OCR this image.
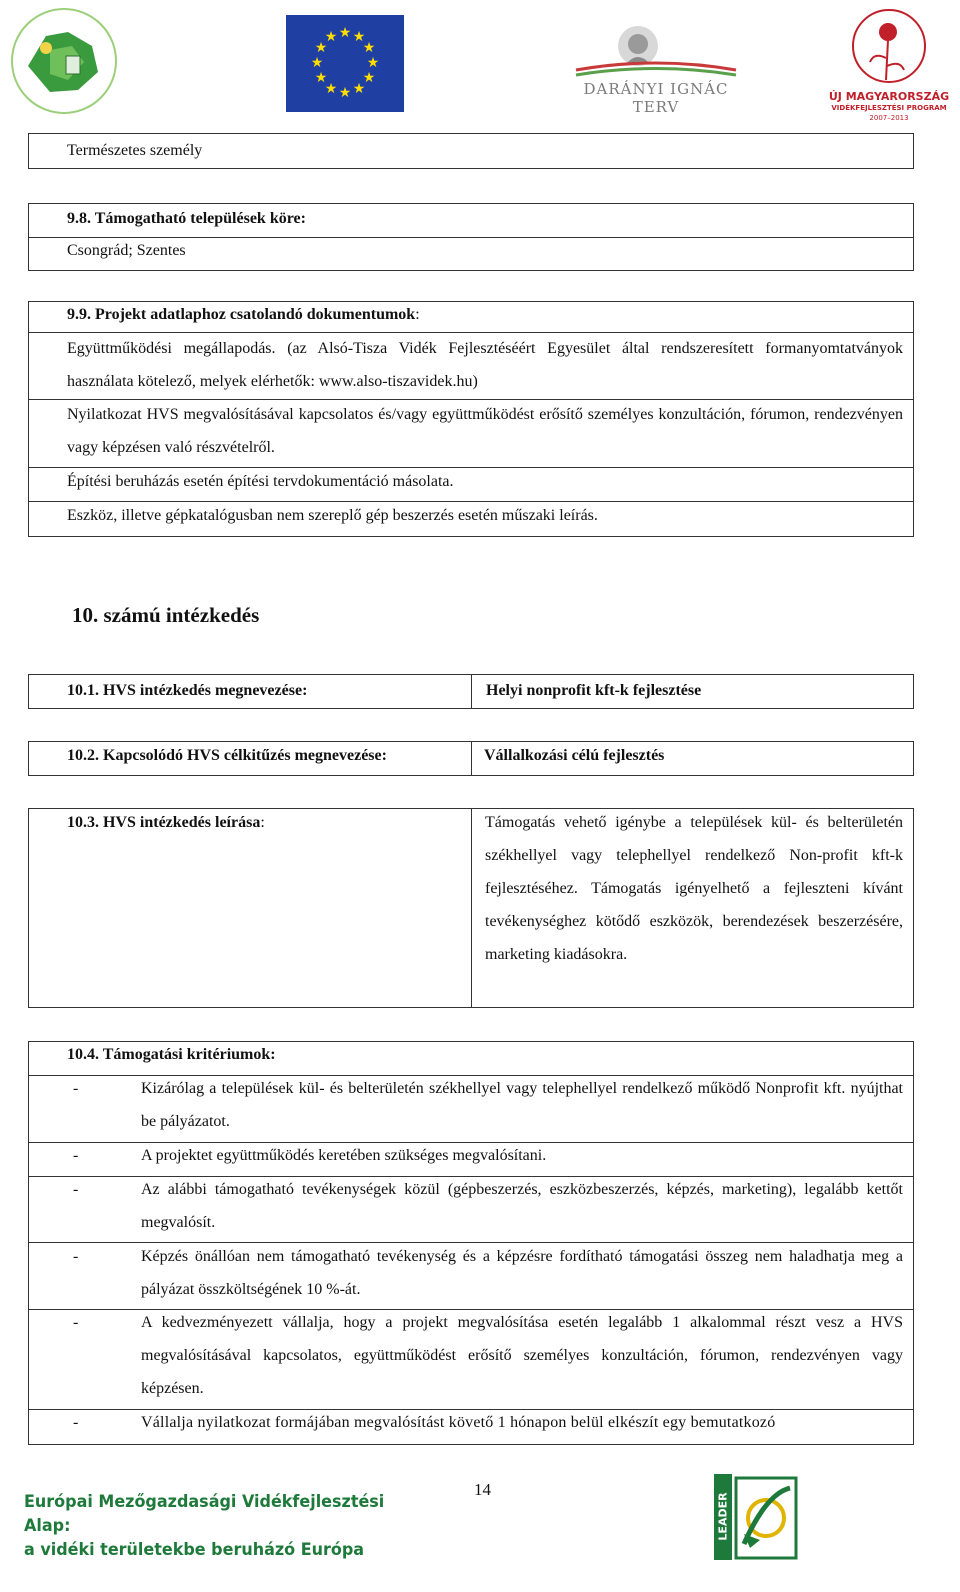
★ ★
★
★
★
★
★
★
★
★
★
★
DARÁNYI IGNÁC TERV
ÚJ MAGYARORSZÁG
VIDÉKFEJLESZTÉSI PROGRAM
2007–2013
Természetes személy
9.8. Támogatható települések köre:
Csongrád; Szentes
9.9. Projekt adatlaphoz csatolandó dokumentumok:
Együttműködési megállapodás. (az Alsó-Tisza Vidék Fejlesztéséért Egyesület által rendszeresített formanyomtatványok használata kötelező, melyek elérhetők: www.also-tiszavidek.hu)
Nyilatkozat HVS megvalósításával kapcsolatos és/vagy együttműködést erősítő személyes konzultáción, fórumon, rendezvényen vagy képzésen való részvételről.
Építési beruházás esetén építési tervdokumentáció másolata.
Eszköz, illetve gépkatalógusban nem szereplő gép beszerzés esetén műszaki leírás.
10. számú intézkedés
10.1. HVS intézkedés megnevezése:	Helyi nonprofit kft-k fejlesztése
10.2. Kapcsolódó HVS célkitűzés megnevezése:	Vállalkozási célú fejlesztés
10.3. HVS intézkedés leírása:	Támogatás vehető igénybe a települések kül- és belterületén székhellyel vagy telephellyel rendelkező Non-profit kft-k fejlesztéséhez. Támogatás igényelhető a fejleszteni kívánt tevékenységhez kötődő eszközök, berendezések beszerzésére, marketing kiadásokra.
10.4. Támogatási kritériumok:
-	Kizárólag a települések kül- és belterületén székhellyel vagy telephellyel rendelkező működő Nonprofit kft. nyújthat be pályázatot.
-	A projektet együttműködés keretében szükséges megvalósítani.
-	Az alábbi támogatható tevékenységek közül (gépbeszerzés, eszközbeszerzés, képzés, marketing), legalább kettőt megvalósít.
-	Képzés önállóan nem támogatható tevékenység és a képzésre fordítható támogatási összeg nem haladhatja meg a pályázat összköltségének 10 %-át.
-	A kedvezményezett vállalja, hogy a projekt megvalósítása esetén legalább 1 alkalommal részt vesz a HVS megvalósításával kapcsolatos, együttműködést erősítő személyes konzultáción, fórumon, rendezvényen vagy képzésen.
-	Vállalja nyilatkozat formájában megvalósítást követő 1 hónapon belül elkészít egy bemutatkozó
Európai Mezőgazdasági Vidékfejlesztési Alap:
a vidéki területekbe beruházó Európa
14
LEADER
